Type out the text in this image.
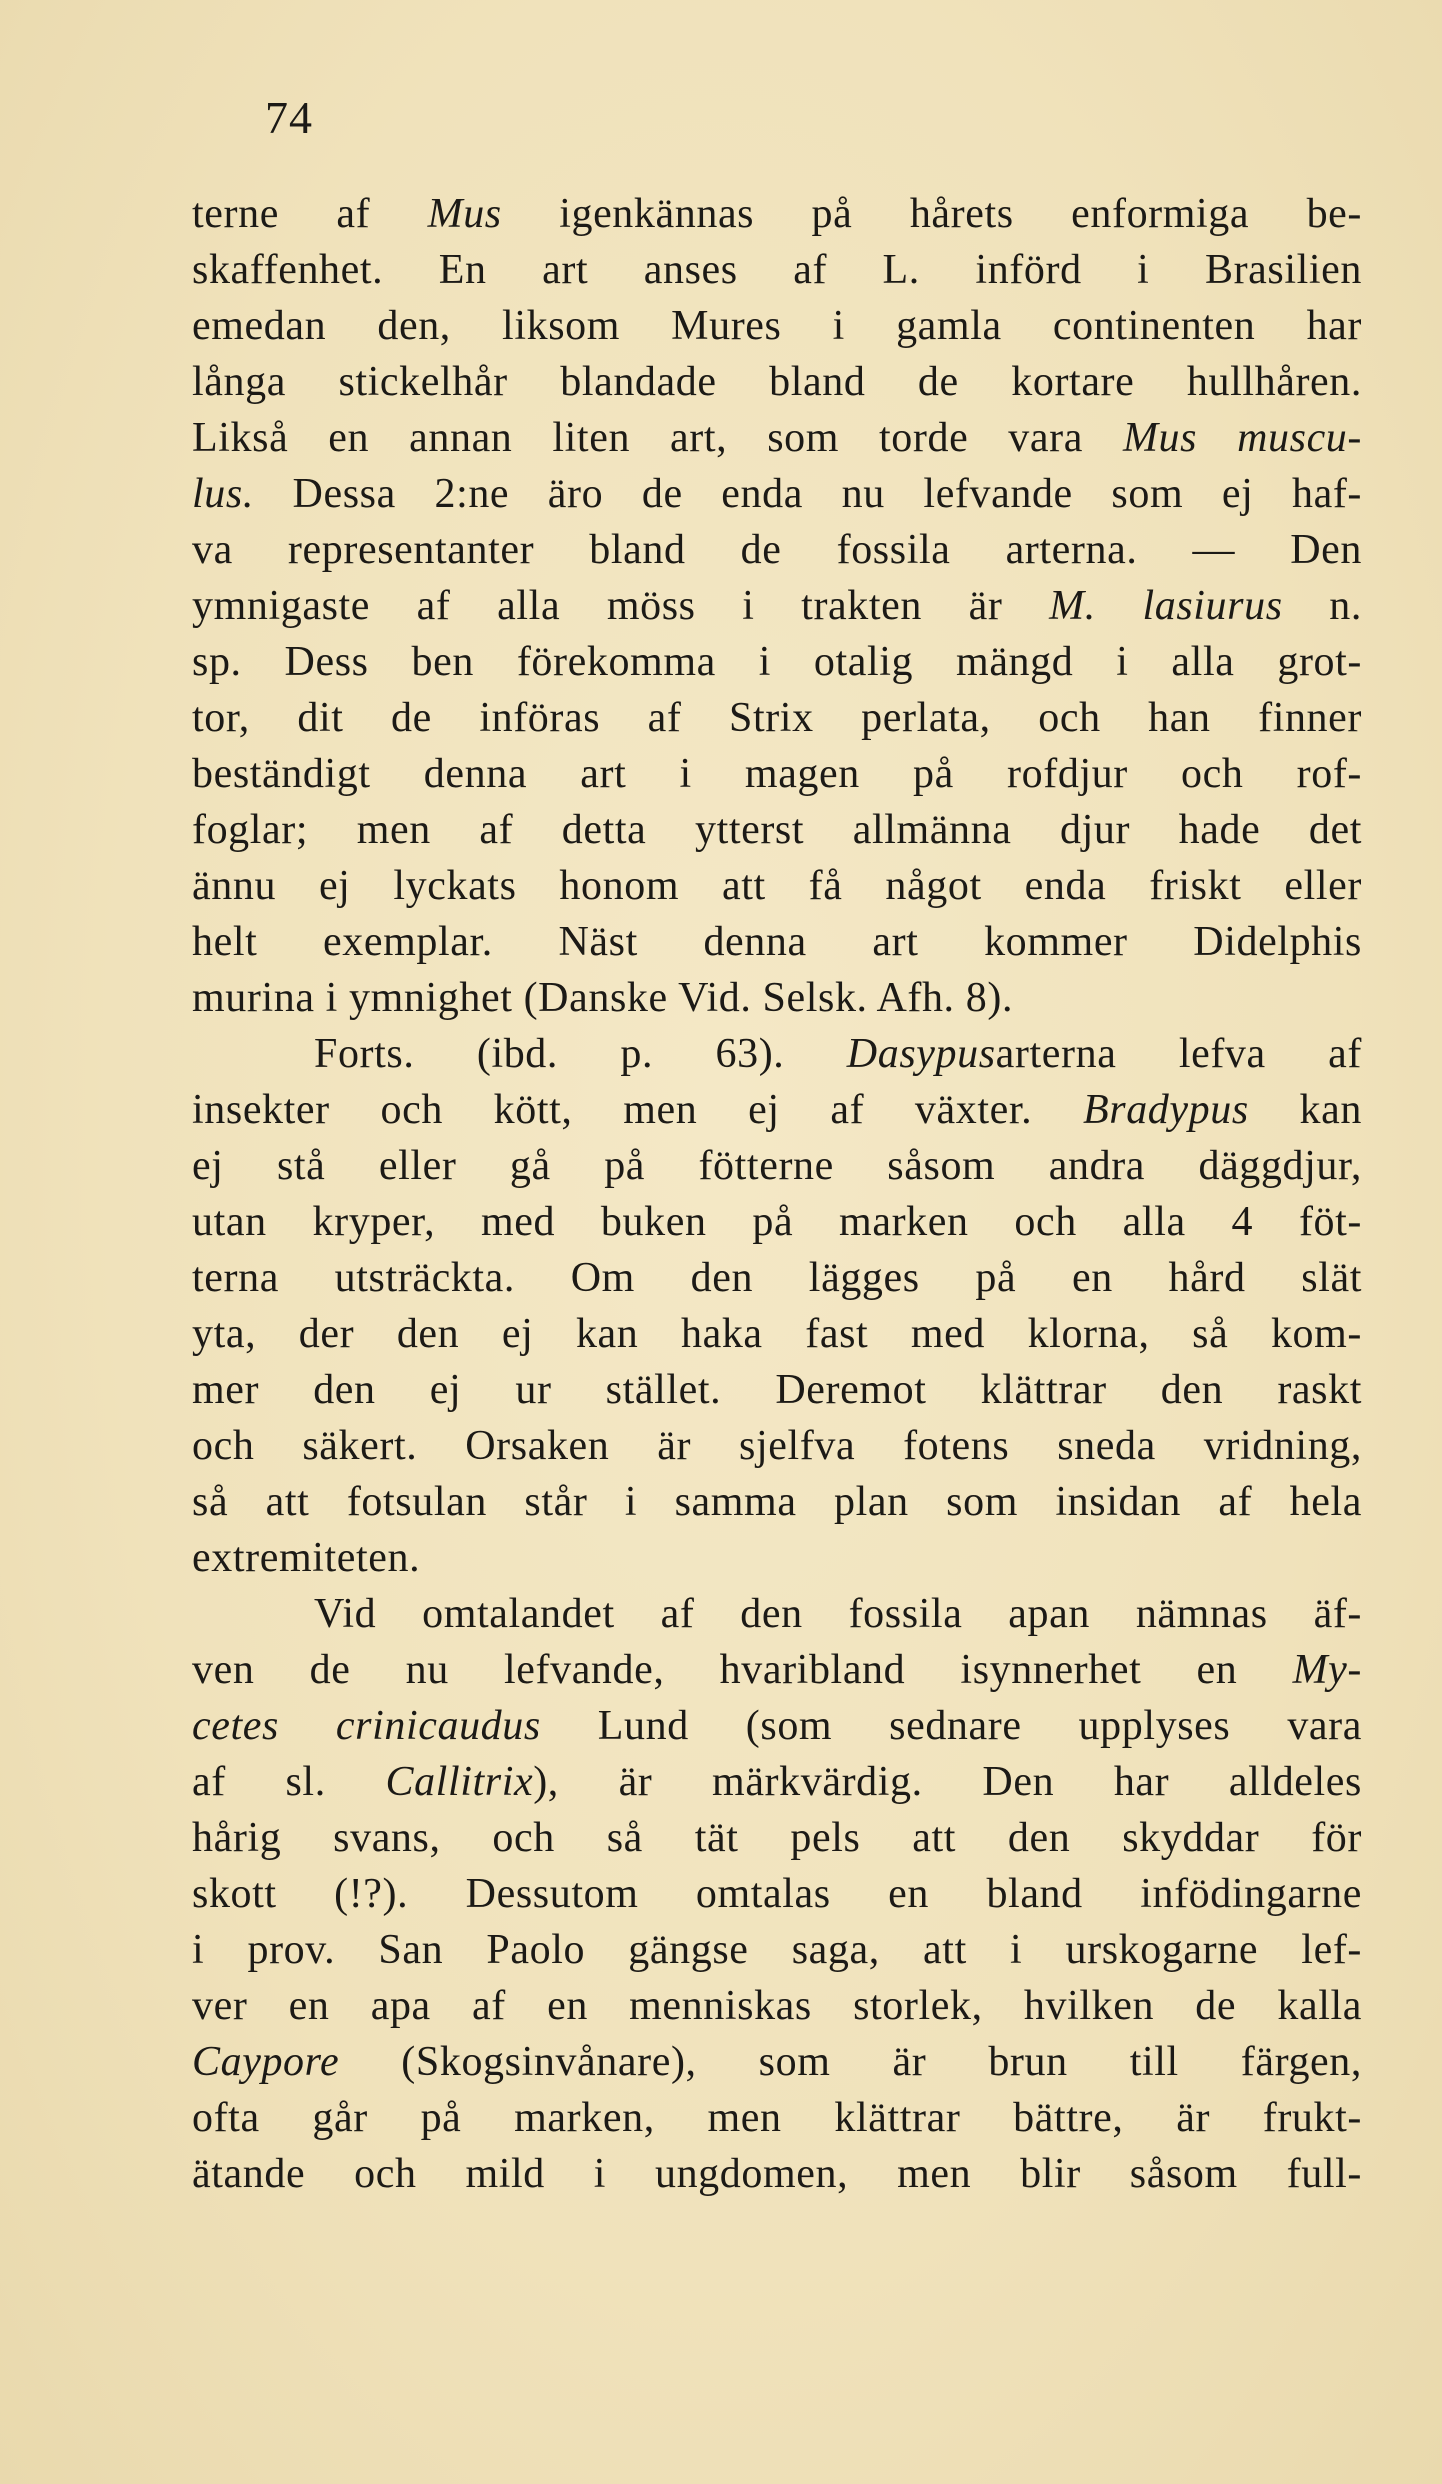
74
terne af Mus igenkännas på hårets enformiga be-
skaffenhet. En art anses af L. införd i Brasilien
emedan den, liksom Mures i gamla continenten har
långa stickelhår blandade bland de kortare hullhåren.
Likså en annan liten art, som torde vara Mus muscu-
lus. Dessa 2:ne äro de enda nu lefvande som ej haf-
va representanter bland de fossila arterna. — Den
ymnigaste af alla möss i trakten är M. lasiurus n.
sp. Dess ben förekomma i otalig mängd i alla grot-
tor, dit de införas af Strix perlata, och han finner
beständigt denna art i magen på rofdjur och rof-
foglar; men af detta ytterst allmänna djur hade det
ännu ej lyckats honom att få något enda friskt eller
helt exemplar. Näst denna art kommer Didelphis
murina i ymnighet (Danske Vid. Selsk. Afh. 8).
Forts. (ibd. p. 63). Dasypusarterna lefva af
insekter och kött, men ej af växter. Bradypus kan
ej stå eller gå på fötterne såsom andra däggdjur,
utan kryper, med buken på marken och alla 4 föt-
terna utsträckta. Om den lägges på en hård slät
yta, der den ej kan haka fast med klorna, så kom-
mer den ej ur stället. Deremot klättrar den raskt
och säkert. Orsaken är sjelfva fotens sneda vridning,
så att fotsulan står i samma plan som insidan af hela
extremiteten.
Vid omtalandet af den fossila apan nämnas äf-
ven de nu lefvande, hvaribland isynnerhet en My-
cetes crinicaudus Lund (som sednare upplyses vara
af sl. Callitrix), är märkvärdig. Den har alldeles
hårig svans, och så tät pels att den skyddar för
skott (!?). Dessutom omtalas en bland infödingarne
i prov. San Paolo gängse saga, att i urskogarne lef-
ver en apa af en menniskas storlek, hvilken de kalla
Caypore (Skogsinvånare), som är brun till färgen,
ofta går på marken, men klättrar bättre, är frukt-
ätande och mild i ungdomen, men blir såsom full-
